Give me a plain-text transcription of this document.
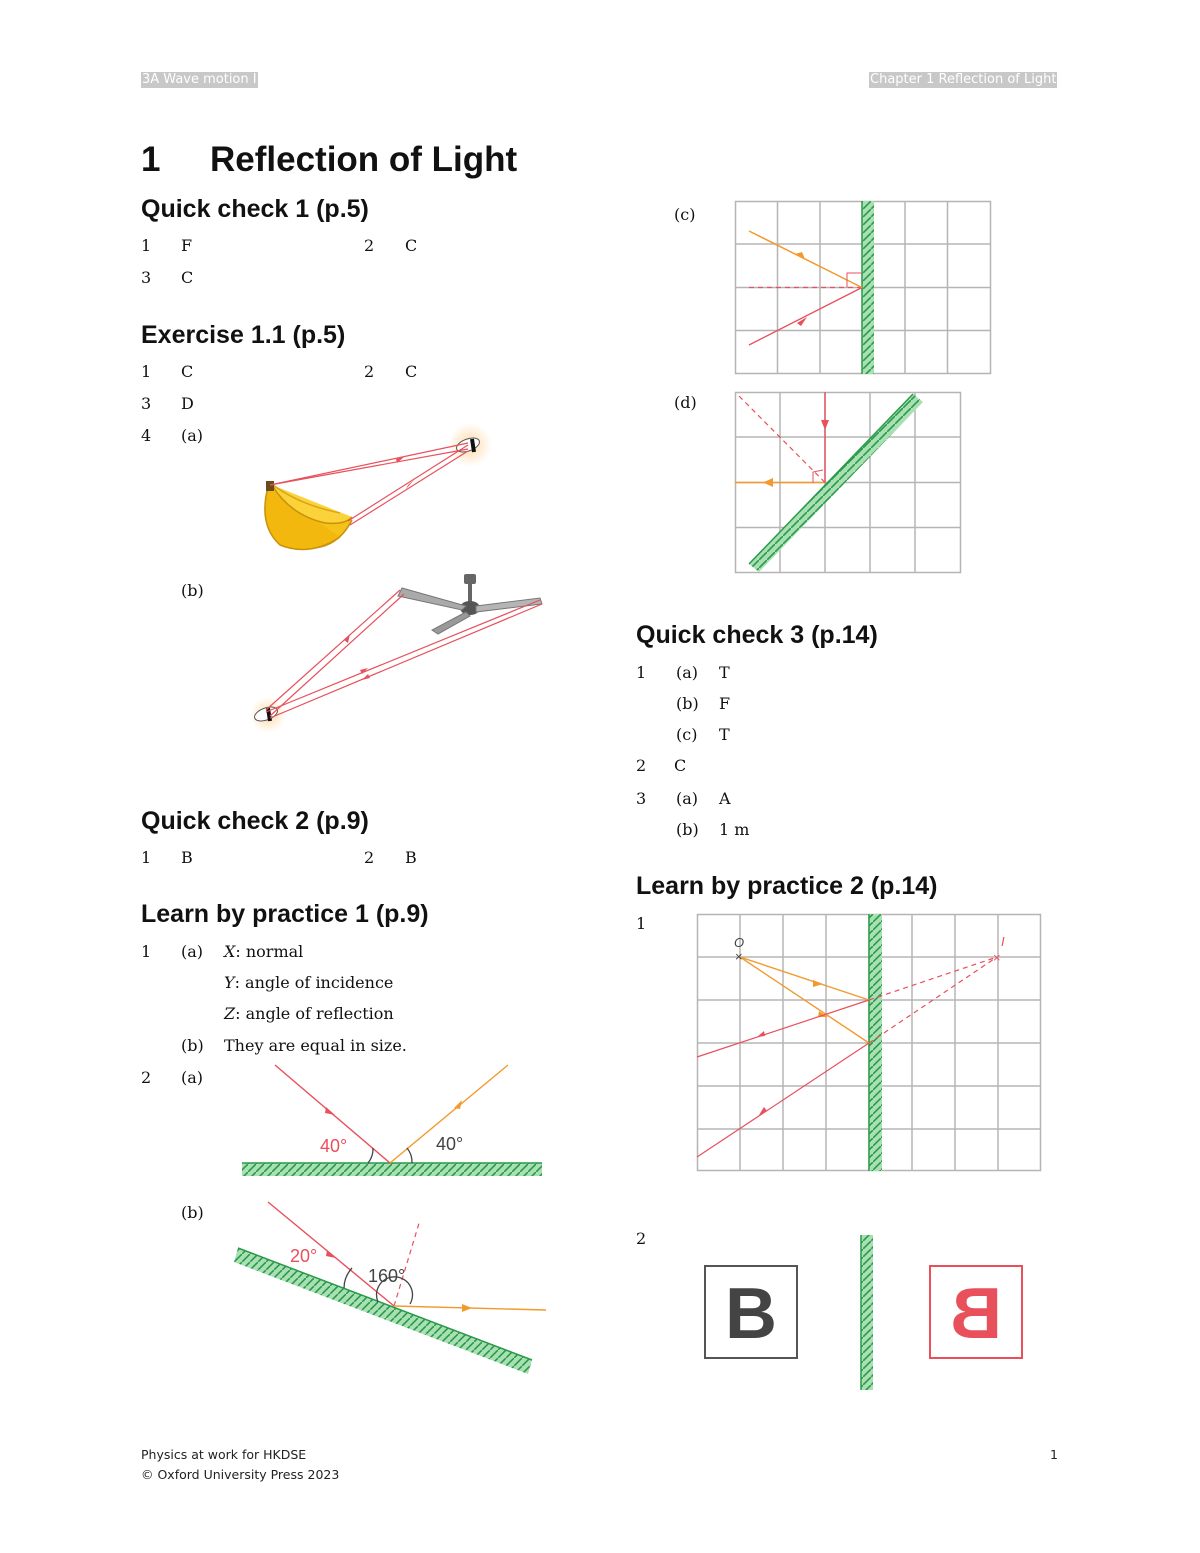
3A Wave motion I	Chapter 1 Reflection of Light
1 Reflection of Light
Quick check 1 (p.5)
1 F	2 C
3 C
Exercise 1.1 (p.5)
1 C	2 C
3 D
4 (a)
(b)
Quick check 2 (p.9)
1 B	2 B
Learn by practice 1 (p.9)
1 (a) X: normal
Y: angle of incidence
Z: angle of reflection
(b) They are equal in size.
2 (a)
40°	40°
(b)
20°
160°
(c)
(d)
Quick check 3 (p.14)
1 (a) T
(b) F
(c) T
2 C
3 (a) A
(b) 1 m
Learn by practice 2 (p.14)
1
×	×
O	I
2
B B
Physics at work for HKDSE
© Oxford University Press 2023
1
